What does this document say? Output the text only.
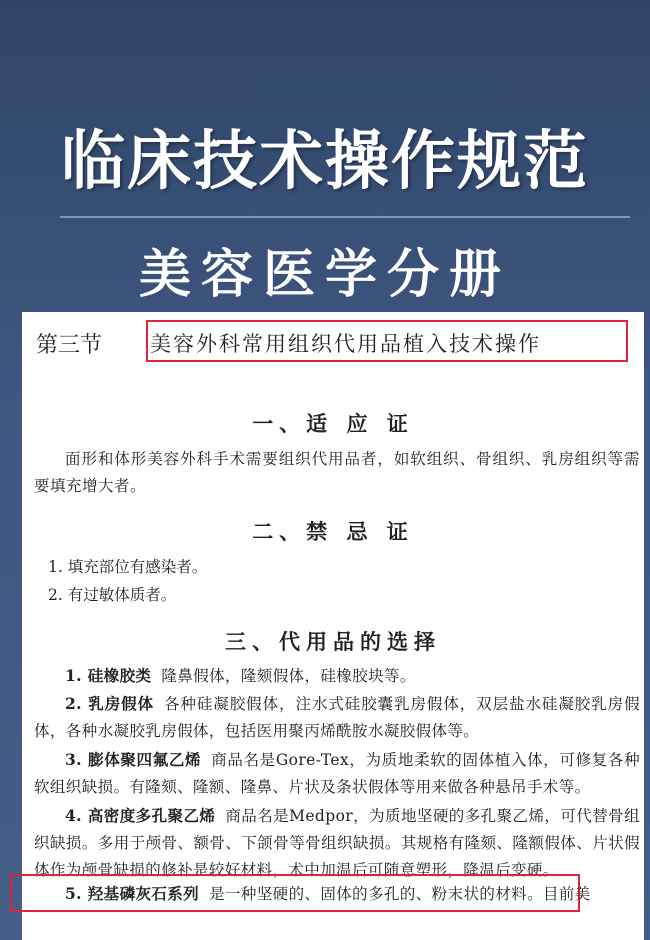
临床技术操作规范
美容医学分册
第三节	美容外科常用组织代用品植入技术操作
一、适 应 证
面形和体形美容外科手术需要组织代用品者，如软组织、骨组织、乳房组织等需要填充增大者。
二、禁 忌 证
1. 填充部位有感染者。
2. 有过敏体质者。
三、代用品的选择
1. 硅橡胶类 隆鼻假体，隆颏假体，硅橡胶块等。
2. 乳房假体 各种硅凝胶假体，注水式硅胶囊乳房假体，双层盐水硅凝胶乳房假体，各种水凝胶乳房假体，包括医用聚丙烯酰胺水凝胶假体等。
3. 膨体聚四氟乙烯 商品名是Gore-Tex，为质地柔软的固体植入体，可修复各种软组织缺损。有隆颏、隆额、隆鼻、片状及条状假体等用来做各种悬吊手术等。
4. 高密度多孔聚乙烯 商品名是Medpor，为质地坚硬的多孔聚乙烯，可代替骨组织缺损。多用于颅骨、额骨、下颌骨等骨组织缺损。其规格有隆颏、隆额假体、片状假体作为颅骨缺损的修补是较好材料，术中加温后可随意塑形，降温后变硬。
5. 羟基磷灰石系列 是一种坚硬的、固体的多孔的、粉末状的材料。目前美
